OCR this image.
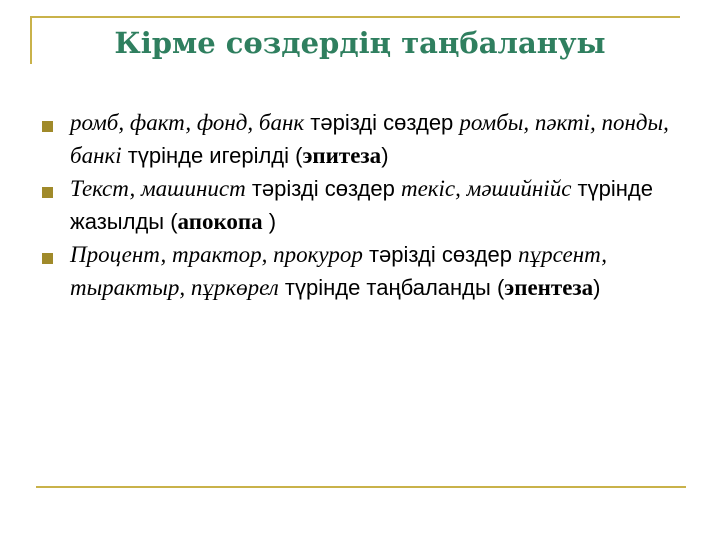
Кірме сөздердің таңбалануы
ромб, факт, фонд, банк тәрізді сөздер ромбы, пәкті, понды, банкі түрінде игерілді (эпитеза)
Текст, машинист тәрізді сөздер текіс, мәшийнійс түрінде жазылды (апокопа )
Процент, трактор, прокурор тәрізді сөздер пұрсент, тырактыр, пұркөрел түрінде таңбаланды (эпентеза)
